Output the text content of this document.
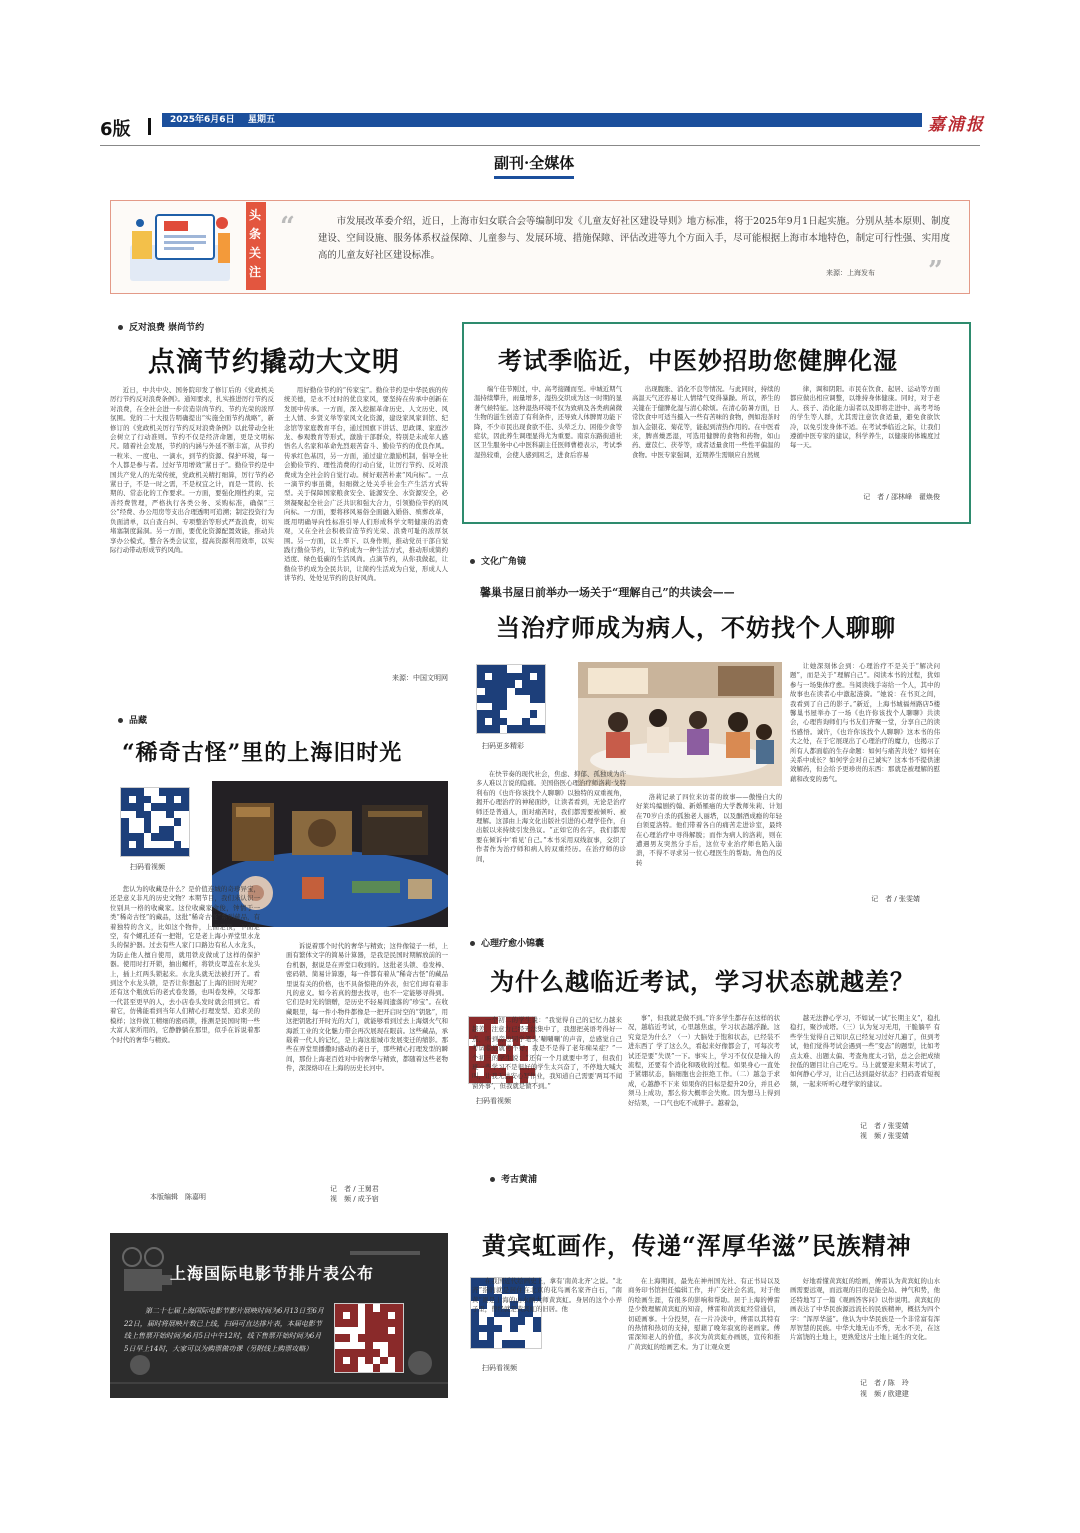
6版	2025年6月6日 星期五	嘉浦报
副刊·全媒体
头条关注
“	市发展改革委介绍，近日，上海市妇女联合会等编制印发《儿童友好社区建设导则》地方标准，将于2025年9月1日起实施。分别从基本原则、制度建设、空间设施、服务体系权益保障、儿童参与、发展环境、措施保障、评估改进等九个方面入手，尽可能根据上海市本地特色，制定可行性强、实用度高的儿童友好社区建设标准。
来源：上海发布 ”
反对浪费 崇尚节约
点滴节约撬动大文明
近日，中共中央、国务院印发了修订后的《党政机关厉行节约反对浪费条例》。通知要求，扎实推进厉行节约反对浪费，在全社会进一步营造崇尚节约、节约光荣的浓厚氛围。党的二十大报告明确提出“实施全面节约战略”，新修订的《党政机关厉行节约反对浪费条例》以此带动全社会树立了行动准则。节约不仅是经济命题，更是文明标尺。随着社会发展，节约的内涵与外延不断丰富，从节约一粒米、一度电、一滴水，到节约资源、保护环境，每一个人都是参与者。过好节用增效“紧日子”。勤俭节约是中国共产党人的光荣传统，党政机关精打细算，厉行节约必紧日子，不是一时之需，不是权宜之计，而是一贯的、长期的、常态化的工作要求。一方面，要强化刚性约束，完善经费管理，严格执行各类公务、采购标准，确保“三公”经费、办公用房等支出合理透明可追溯；制定投资行为负面清单，以自查自纠、专项整治等形式严查浪费，切实堵塞制度漏洞。另一方面，要优化资源配置效能，推动共享办公模式，整合各类会议室，提高资源利用效率，以实际行动带动形成节约风尚。
用好勤俭节约的“传家宝”。勤俭节约是中华民族的传统美德，是永不过时的优良家风，要坚持在传承中创新在发展中传承。一方面，深入挖掘革命历史、人文历史、风土人情、乡贤义举等家风文化资源，建设家风家训馆、纪念馆等家庭教育平台，通过国旗下讲话、思政课、家庭沙龙、参观教育等形式，激励干部群众，特别是未成年人感悟名人名家和革命先烈艰苦奋斗、勤俭节约的优良作风。传承红色基因，另一方面，通过建立激励机制，倡导全社会勤俭节约、理性消费的行动自觉，让厉行节约、反对浪费成为全社会的自觉行动。树好艰苦朴素“风向标”。一点一滴节约事虽微，但细微之处关乎社会生产生活方式转型。关于保障国家粮食安全、能源安全、水资源安全，必须凝聚起全社会广泛共识和强大合力，引领勤俭节约的风向标。一方面，要将移风易俗全面融入婚俗、殡葬改革，既用明确导向性标准引导人们形成科学文明健康的消费观，又在全社会积极营造节约光荣、浪费可耻的浓厚氛围。另一方面，以上率下、以身作则，推动党员干部自觉践行勤俭节约，让节约成为一种生活方式，推动形成简约适度、绿色低碳的生活风尚。点滴节约，从你我做起，让勤俭节约成为全民共识，让简约生活成为自觉，形成人人讲节约、处处见节约的良好风尚。
来源：中国文明网
品藏
“稀奇古怪”里的上海旧时光
扫码看视频
您认为的收藏是什么？是价值连城的奇珍异宝，还是意义非凡的历史文物？本期节目，我们来认识一位别具一格的收藏家。这位收藏家俞俊，钟情于一类“稀奇古怪”的藏品，这批“稀奇古怪”系列藏品，有着独特的含义，比如这个物件，上面是顶，下面是空，有个螺孔还有一把钳，它是老上海小弄堂里水龙头的保护器。过去有些人家门口路边有私人水龙头，为防止他人擅自使用，就用铁皮做成了这样的保护器。使用时打开锁，抽出螺杆，将铁皮罩盖在水龙头上，插上红两头锁起来。水龙头就无法被打开了。看到这个水龙头锁，是否让你想起了上海的旧时光呢？还有这个瓶放后的老式卷发器，也叫卷发棒，父母那一代甚至更早的人，去小店卷头发时就会用到它。看着它，仿佛能看到当年人们精心打理发型、追求美的模样；这件做工精细的密码锁，推测是民国时期一些大富人家所用的，它静静躺在那里，似乎在诉说着那个时代的奢华与精致。
诉说着那个时代的奢华与精致；这件像镜子一样，上面有繁体文字的简易计算器，是我是民国时期解放前的一台机器，据说是在弄堂口收到的。这批老头锁、卷发棒、密码锁、简易计算器，每一件都有着从“稀奇古怪”的藏品里说有关的价格，也不具备惊艳的外表，但它们却有着非凡的意义。如今若真的想去找寻，也不一定能够寻得到。它们是时光的馈赠，是历史不轻易间遗落的“珍宝”。在收藏眼里，每一件小物件都像是一把开启时空的“钥匙”，用这把钥匙打开时光的大门，就能够看到过去上海烟火气和海派工业的文化魅力带会再次展现在眼前。这些藏品，承载着一代人的记忆，是上海这座城市发展变迁的缩影。那些在弄堂里播撒时感动的老日子，那些精心打理发型的瞬间，那份上海老百姓对中的奢华与精致，都随着这些老物件，深深烙印在上海的历史长河中。
记　者 / 王舅君
视　频 / 成予宿
本版编辑　陈嘉明
上海国际电影节排片表公布
第二十七届上海国际电影节影片展映时间为6月13日至6月22日，届时将展映片数已上线，扫码可直达排片表，本届电影节线上售票开始时间为6月5日中午12时，线下售票开始时间为6月5日早上14时，大家可以为购票做功课（另附线上购票攻略）
考试季临近，中医妙招助您健脾化湿
端午佳节刚过，中、高考接踵而至。申城近期气温持续攀升，雨量增多，湿热交织成为这一时期的显著气候特征。这种湿热环境不仅为致病及各类病菌微生物的滋生创造了有利条件，还导致人体脾胃功能下降，不少市民出现食欲不佳、头晕乏力、困倦少食等症状，因此养生调理显得尤为重要。南京东路街道社区卫生服务中心中医科副主任医师曹橙表示，考试季湿热较重，会使人感到困乏，进食后容易
出现腹胀、消化不良等情况。与此同时，持续的高温天气还容易让人情绪气变得暴躁。所以，养生的关键在于健脾化湿与清心除烦。在清心防暑方面，日常饮食中可适当摄入一些有苦味的食物，例如泡茶时加入金银花、菊花等，能起到清热作用的。在中医看来，脾喜燥恶湿，可选用健脾的食物和药物，如山药、薏苡仁、茯苓等，或者适量食用一些性平偏温的食物。中医专家强调，近期养生需顺应自然规
律，调和阴阳。市民在饮食、起居、运动等方面都应做出相应调整，以维持身体健康。同时，对于老人、孩子、消化能力弱者以及即将走进中、高考考场的学生等人群，尤其需注意饮食适量，避免食欲饮冷，以免引发身体不适。在考试季临近之际，让我们遵循中医专家的建议，科学养生，以健康的体魄度过每一天。
记　者 / 邵林峰　翟焕俊
文化广角镜
馨巢书屋日前举办一场关于“理解自己”的共读会——
当治疗师成为病人，不妨找个人聊聊
扫码更多精彩
在快节奏的现代社会，焦虑、抑郁、孤独成为许多人难以言说的隐痛。美国俗医心理治疗师洛莉·戈特利布的《也许你该找个人聊聊》以独特的双重视角，揭开心理治疗的神秘面纱，让读者看到，无论是治疗师还是普通人，面对痛苦时，我们都需要被倾听、被理解。这部由上海文化出版社引进的心理学佳作，自出版以来持续引发热议。“正如它的名字，我们都需要在倾诉中‘看见’自己。”本书采用双线叙事，交织了作者作为治疗师和病人的双重经历。在治疗师的诊间，
洛莉记录了四位来访者的故事——傲慢自大的好莱坞编剧约翰、新婚罹癌的大学教师朱莉、计划在70岁自杀的孤独老人丽塔，以及酗酒成瘾的年轻白领夏洛特。他们带着各自的痛苦走进诊室，最终在心理治疗中寻得解脱；而作为病人的洛莉，则在遭遇男友突然分手后，这位专业治疗师也陷入崩溃，不得不寻求另一位心理医生的帮助。角色的反转
让她深刻体会到：心理治疗不是关于“解决问题”，而是关于“理解自己”。阅读本书的过程，犹如参与一场集体疗愈。当阅读线手寄给一个人，其中的故事也在读者心中激起涟漪。“她说：在书页之间，我看到了自己的影子。”新近，上海书城福州路店5楼馨巢书屋举办了一场《也许你该找个人聊聊》共读会，心理咨询师们与书友们齐聚一堂，分享自己的读书感悟。诚许，《也许你该找个人聊聊》这本书的伟大之处，在于它展现出了心理治疗的魔力，也揭示了所有人都面临的生存命题：如何与痛苦共处？如何在关系中成长？如何学会对自己诚实？这本书不提供速效解药，但会给予更珍贵的东西：那就是被理解的慰藉和改变的勇气。
记　者 / 张雯婧
心理疗愈小锦囊
为什么越临近考试，学习状态就越差？
扫码看视频
一个初二的学生说：“我觉得自己的记忆力越来越差，注意力已经无法集中了，我想把英语考得好一点，听到旁边同学笔头‘唰唰唰’的声音，总感觉自己考试临近就考不好，我是不是得了老年痴呆症？”一个初三的学生说：“还有一个月就要中考了，但我们班一些学习不是很好的学生太兴奋了，不停地大喊大叫，让我无法安心写作业，我知道自己需要‘两耳不闻窗外事’，但我就是做不到。”
事”，但我就是做不到。”许多学生都存在这样的状况，越临近考试，心里越焦虑，学习状态越浮躁。这究竟是为什么？（一）大脑处于饱和状态，已经装不进东西了 学了这么久，看起来好像都会了，可每次考试还是要“失误”一下。事实上，学习不仅仅是输入的流程，还要有个消化和吸收的过程。如果身心一直处于紧绷状态，脑细胞也会拒绝工作。（二）越急于求成，心越静不下来 如果你的目标是提升20分，并且必须马上成功，那么你大概率会失败。因为想马上得到好结果，一口气也吃不成胖子。越着急，
越无法静心学习，不如试一试“长期主义”，稳扎稳打，聚沙成塔。（三）认为复习无用，干脆躺平 有些学生觉得自己知识点已经复习过好几遍了，但到考试，他们觉得考试会遇到一些“变态”的题型，比如考点太难、出题太偏、考查角度太刁钻，总之会把成绩拉低的题目让自己吃亏。马上就要迎来期末考试了，如何静心学习，让自己达到最好状态？扫码查看短视频，一起来听听心理学家的建议。
记　者 / 张雯婧
视　频 / 张雯婧
考古黄浦
黄宾虹画作，传递“浑厚华滋”民族精神
扫码看视频
在我国近代绘画史上，拿有‘南黄北齐’之说。“北齐”指的就是居住在北京的花鸟画名家齐白石，“南黄”则是上海的山水画大师黄宾虹。身居的这个小弄子里，曾经就是黄宾虹的旧居。他
在上海期间，最先在神州国光社、有正书局以及商务印书馆担任编辑工作，并广交社会名流，对于他的绘画生涯，有很多的影响和帮助。居于上海的傅雷是少数理解黄宾虹的知音，傅雷和黄宾虹经常通信，切磋画事。十分投契，在一片冷淡中，傅雷以其特有的热情和热切的支持，慰藉了晚年寂寞的老画家。傅雷深知老人的价值，多次为黄宾虹办画展，宣传和推广黄宾虹的绘画艺术。为了让观众更
好地看懂黄宾虹的绘画，傅雷认为黄宾虹的山水画需要远观，而远观的目的是能全局、神气和势，他还特地写了一篇《观画答客问》以作说明。黄宾虹的画表达了中华民族源远流长的民族精神，概括为四个字：“浑厚华滋”。他认为中华民族是一个非常富有浑厚智慧的民族。中华大地无山不秀，无水不美，在这片富饶的土地上，更熟爱这片土地上诞生的文化。
记　者 / 陈　玲
视　频 / 欧建建
